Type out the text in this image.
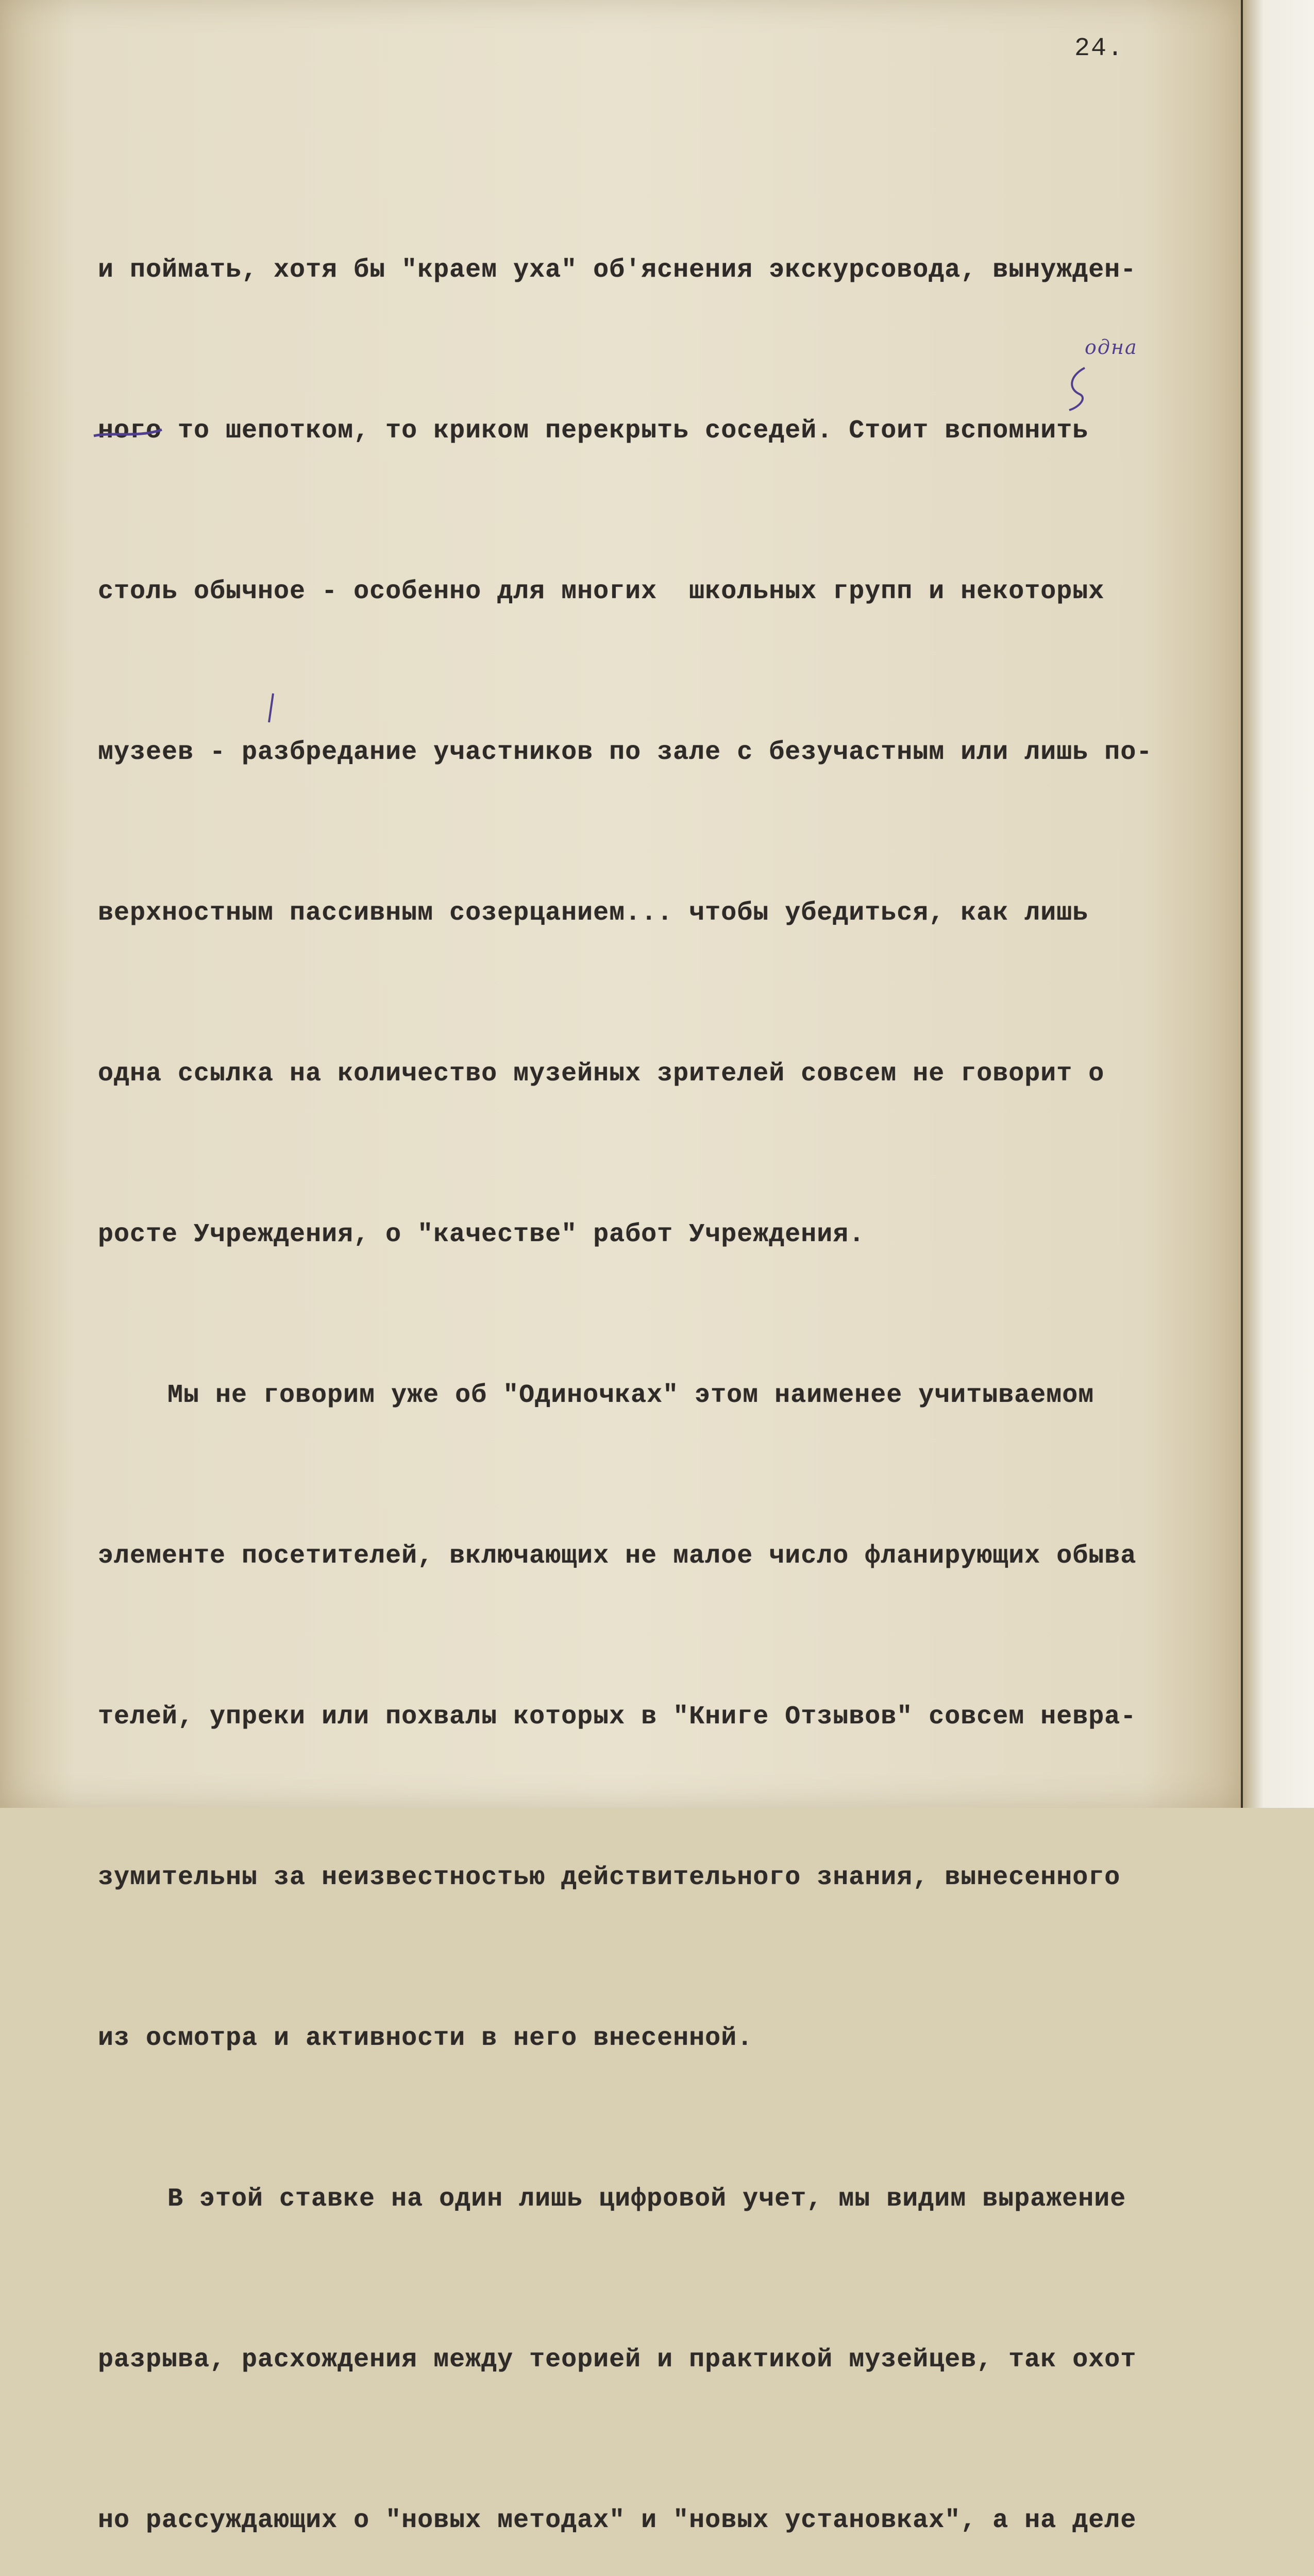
24.

и поймать, хотя бы "краем уха" об'яснения экскурсовода, вынужден-

ного то шепотком, то криком перекрыть соседей. Стоит вспомнить

столь обычное - особенно для многих  школьных групп и некоторых

музеев - разбредание участников по зале с безучастным или лишь по-

верхностным пассивным созерцанием... чтобы убедиться, как лишь

одна ссылка на количество музейных зрителей совсем не говорит о

росте Учреждения, о "качестве" работ Учреждения.

Мы не говорим уже об "Одиночках" этом наименее учитываемом

элементе посетителей, включающих не малое число фланирующих обыва

телей, упреки или похвалы которых в "Книге Отзывов" совсем невра-

зумительны за неизвестностью действительного знания, вынесенного

из осмотра и активности в него внесенной.

В этой ставке на один лишь цифровой учет, мы видим выражение

разрыва, расхождения между теорией и практикой музейцев, так охот

но рассуждающих о "новых методах" и "новых установках", а на деле

одна
